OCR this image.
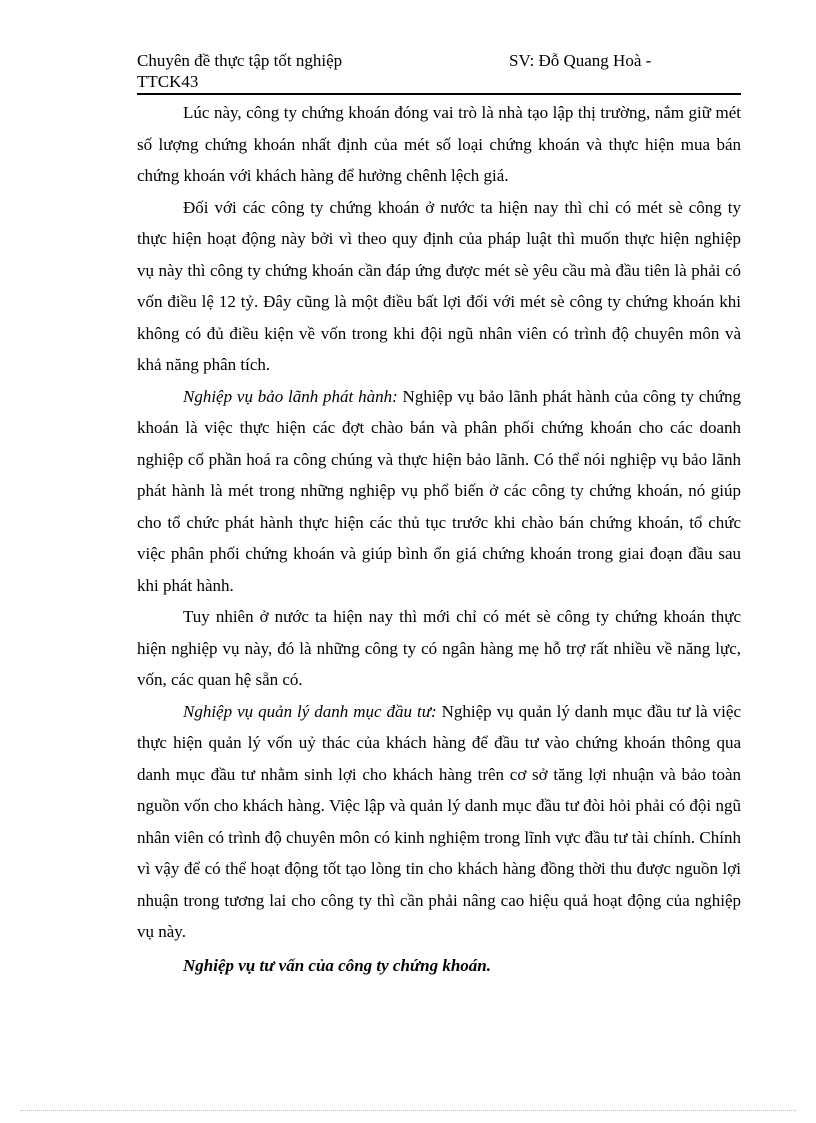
Chuyên đề thực tập tốt nghiệp	SV: Đỗ Quang Hoà -
TTCK43

Lúc này, công ty chứng khoán đóng vai trò là nhà tạo lập thị trường, nắm giữ mét số lượng chứng khoán nhất định của mét số loại chứng khoán và thực hiện mua bán chứng khoán với khách hàng để hưởng chênh lệch giá.

Đối với các công ty chứng khoán ở nước ta hiện nay thì chỉ có mét sè công ty thực hiện hoạt động này bởi vì theo quy định của pháp luật thì muốn thực hiện nghiệp vụ này thì công ty chứng khoán cần đáp ứng được mét sè yêu cầu mà đầu tiên là phải có vốn điều lệ 12 tỷ. Đây cũng là một điều bất lợi đối với mét sè công ty chứng khoán khi không có đủ điều kiện về vốn trong khi đội ngũ nhân viên có trình độ chuyên môn và khả năng phân tích.

Nghiệp vụ bảo lãnh phát hành: Nghiệp vụ bảo lãnh phát hành của công ty chứng khoán là việc thực hiện các đợt chào bán và phân phối chứng khoán cho các doanh nghiệp cổ phần hoá ra công chúng và thực hiện bảo lãnh. Có thể nói nghiệp vụ bảo lãnh phát hành là mét trong những nghiệp vụ phổ biến ở các công ty chứng khoán, nó giúp cho tổ chức phát hành thực hiện các thủ tục trước khi chào bán chứng khoán, tổ chức việc phân phối chứng khoán và giúp bình ổn giá chứng khoán trong giai đoạn đầu sau khi phát hành.

Tuy nhiên ở nước ta hiện nay thì mới chỉ có mét sè công ty chứng khoán thực hiện nghiệp vụ này, đó là những công ty có ngân hàng mẹ hỗ trợ rất nhiều về năng lực, vốn, các quan hệ sẵn có.

Nghiệp vụ quản lý danh mục đầu tư: Nghiệp vụ quản lý danh mục đầu tư là việc thực hiện quản lý vốn uỷ thác của khách hàng để đầu tư vào chứng khoán thông qua danh mục đầu tư nhằm sinh lợi cho khách hàng trên cơ sở tăng lợi nhuận và bảo toàn nguồn vốn cho khách hàng. Việc lập và quản lý danh mục đầu tư đòi hỏi phải có đội ngũ nhân viên có trình độ chuyên môn có kinh nghiệm trong lĩnh vực đầu tư tài chính. Chính vì vậy để có thể hoạt động tốt tạo lòng tin cho khách hàng đồng thời thu được nguồn lợi nhuận trong tương lai cho công ty thì cần phải nâng cao hiệu quả hoạt động của nghiệp vụ này.

Nghiệp vụ tư vấn của công ty chứng khoán.
